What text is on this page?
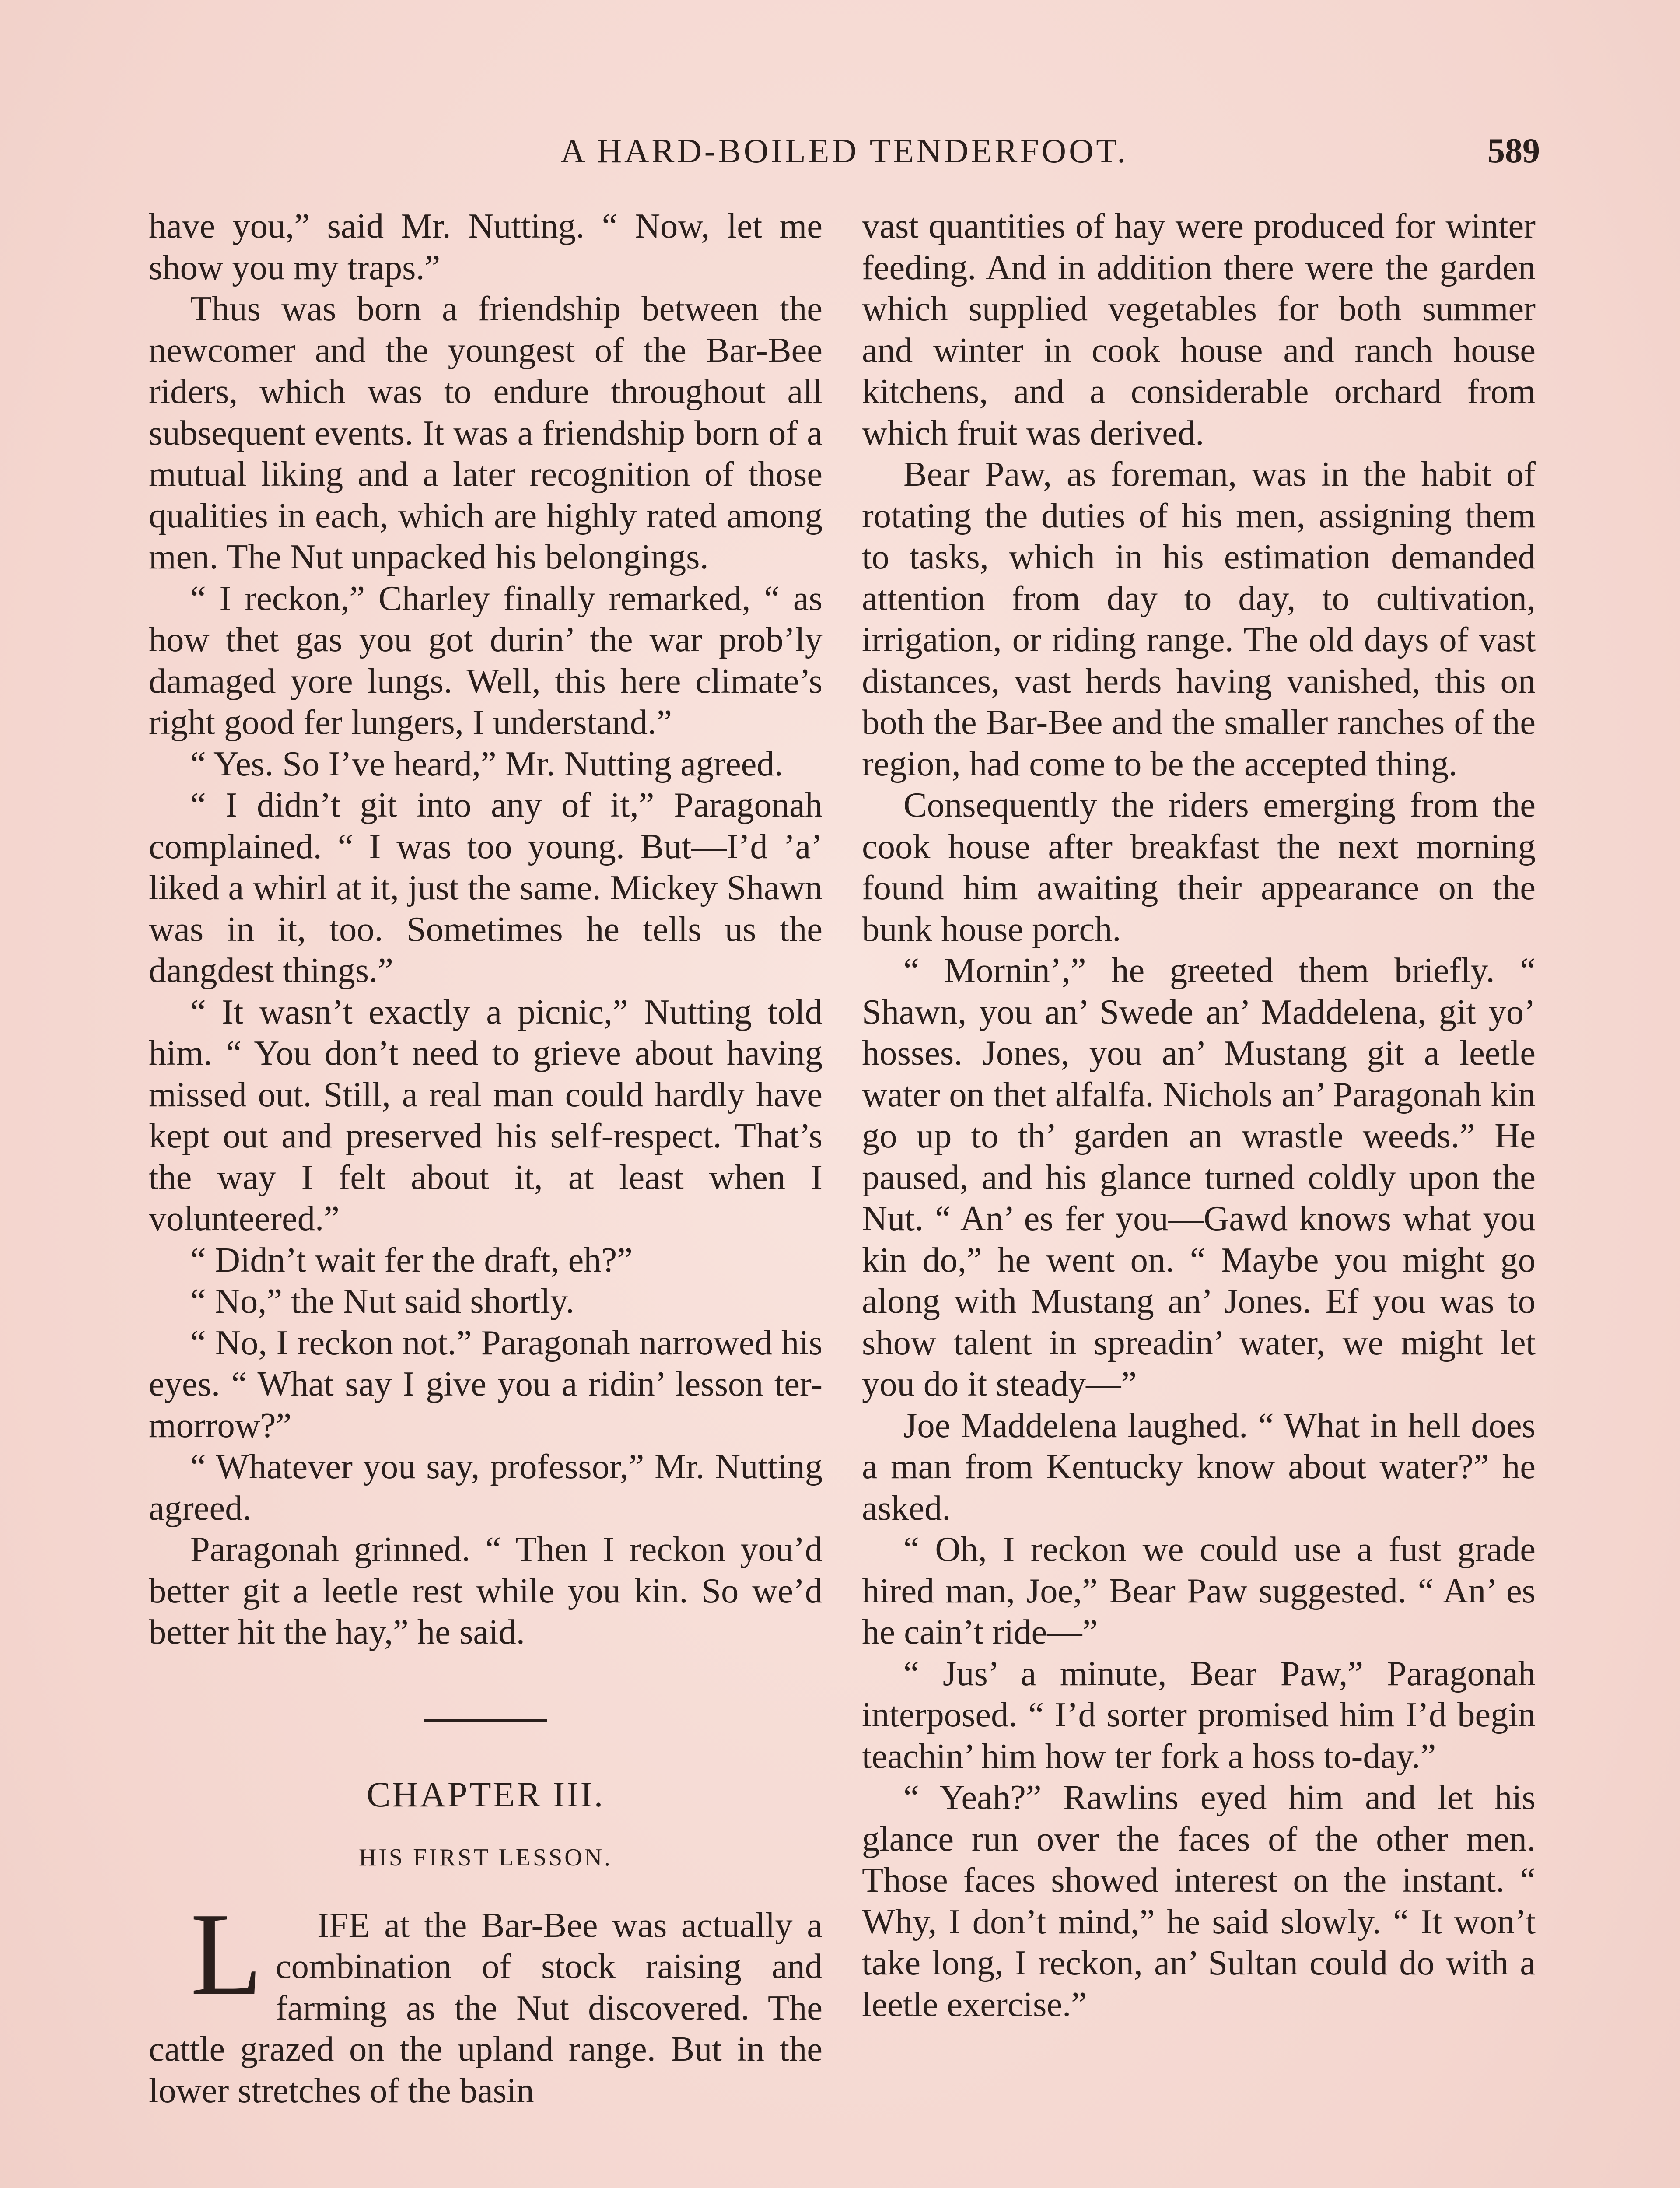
A HARD-BOILED TENDERFOOT.	589

have you,” said Mr. Nutting. “ Now, let me show you my traps.”

Thus was born a friendship between the newcomer and the youngest of the Bar-Bee riders, which was to endure throughout all subsequent events. It was a friendship born of a mutual liking and a later recognition of those qualities in each, which are highly rated among men. The Nut unpacked his belongings.

“ I reckon,” Charley finally remarked, “ as how thet gas you got durin’ the war prob’ly damaged yore lungs. Well, this here climate’s right good fer lungers, I understand.”

“ Yes. So I’ve heard,” Mr. Nutting agreed.

“ I didn’t git into any of it,” Paragonah complained. “ I was too young. But—I’d ’a’ liked a whirl at it, just the same. Mickey Shawn was in it, too. Sometimes he tells us the dangdest things.”

“ It wasn’t exactly a picnic,” Nutting told him. “ You don’t need to grieve about having missed out. Still, a real man could hardly have kept out and preserved his self-respect. That’s the way I felt about it, at least when I volunteered.”

“ Didn’t wait fer the draft, eh?”

“ No,” the Nut said shortly.

“ No, I reckon not.” Paragonah narrowed his eyes. “ What say I give you a ridin’ lesson ter-morrow?”

“ Whatever you say, professor,” Mr. Nutting agreed.

Paragonah grinned. “ Then I reckon you’d better git a leetle rest while you kin. So we’d better hit the hay,” he said.

CHAPTER III.
HIS FIRST LESSON.

L IFE at the Bar-Bee was actually a combination of stock raising and farming as the Nut discovered. The cattle grazed on the upland range. But in the lower stretches of the basin

vast quantities of hay were produced for winter feeding. And in addition there were the garden which supplied vegetables for both summer and winter in cook house and ranch house kitchens, and a considerable orchard from which fruit was derived.

Bear Paw, as foreman, was in the habit of rotating the duties of his men, assigning them to tasks, which in his estimation demanded attention from day to day, to cultivation, irrigation, or riding range. The old days of vast distances, vast herds having vanished, this on both the Bar-Bee and the smaller ranches of the region, had come to be the accepted thing.

Consequently the riders emerging from the cook house after breakfast the next morning found him awaiting their appearance on the bunk house porch.

“ Mornin’,” he greeted them briefly. “ Shawn, you an’ Swede an’ Maddelena, git yo’ hosses. Jones, you an’ Mustang git a leetle water on thet alfalfa. Nichols an’ Paragonah kin go up to th’ garden an wrastle weeds.” He paused, and his glance turned coldly upon the Nut. “ An’ es fer you—Gawd knows what you kin do,” he went on. “ Maybe you might go along with Mustang an’ Jones. Ef you was to show talent in spreadin’ water, we might let you do it steady—”

Joe Maddelena laughed. “ What in hell does a man from Kentucky know about water?” he asked.

“ Oh, I reckon we could use a fust grade hired man, Joe,” Bear Paw suggested. “ An’ es he cain’t ride—”

“ Jus’ a minute, Bear Paw,” Paragonah interposed. “ I’d sorter promised him I’d begin teachin’ him how ter fork a hoss to-day.”

“ Yeah?” Rawlins eyed him and let his glance run over the faces of the other men. Those faces showed interest on the instant. “ Why, I don’t mind,” he said slowly. “ It won’t take long, I reckon, an’ Sultan could do with a leetle exercise.”
